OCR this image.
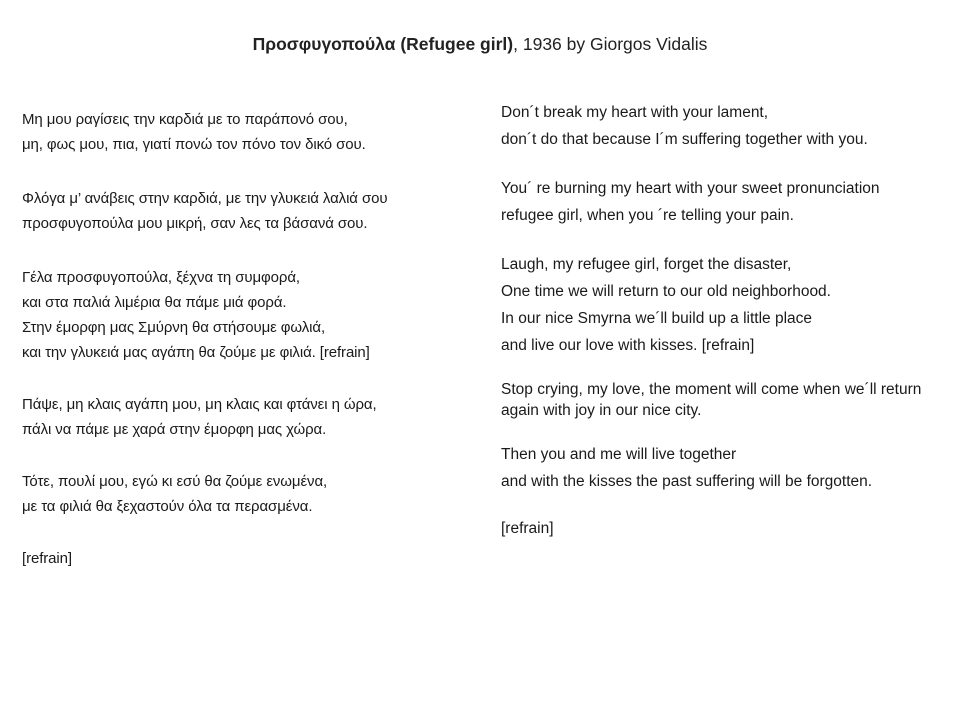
Προσφυγοπούλα (Refugee girl), 1936 by Giorgos Vidalis
Μη μου ραγίσεις την καρδιά με το παράπονό σου,
μη, φως μου, πια, γιατί πονώ τον πόνο τον δικό σου.
Φλόγα μ’ ανάβεις στην καρδιά, με την γλυκειά λαλιά σου
προσφυγοπούλα μου μικρή, σαν λες τα βάσανά σου.
Γέλα προσφυγοπούλα, ξέχνα τη συμφορά,
και στα παλιά λιμέρια θα πάμε μιά φορά.
Στην έμορφη μας Σμύρνη θα στήσουμε φωλιά,
και την γλυκειά μας αγάπη θα ζούμε με φιλιά. [refrain]
Πάψε, μη κλαις αγάπη μου, μη κλαις και φτάνει η ώρα,
πάλι να πάμε με χαρά στην έμορφη μας χώρα.
Τότε, πουλί μου, εγώ κι εσύ θα ζούμε ενωμένα,
με τα φιλιά θα ξεχαστούν όλα τα περασμένα.
[refrain]
Don´t break my heart with your lament,
don´t do that because I´m suffering together with you.
You´ re burning my heart with your sweet pronunciation
refugee girl, when you ´re telling your pain.
Laugh, my refugee girl, forget the disaster,
One time we will return to our old neighborhood.
In our nice Smyrna we´ll build up a little place
and live our love with kisses. [refrain]
Stop crying, my love, the moment will come when we´ll return again with joy in our nice city.
Then you and me will live together
and with the kisses the past suffering will be forgotten.
[refrain]
